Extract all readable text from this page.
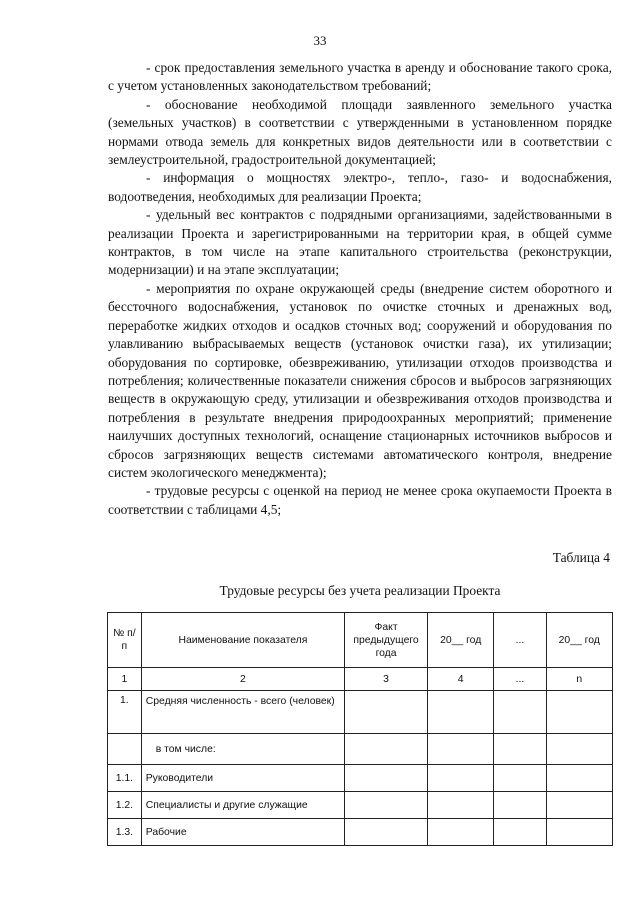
33

- срок предоставления земельного участка в аренду и обоснование такого срока, с учетом установленных законодательством требований;

- обоснование необходимой площади заявленного земельного участка (земельных участков) в соответствии с утвержденными в установленном порядке нормами отвода земель для конкретных видов деятельности или в соответствии с землеустроительной, градостроительной документацией;

- информация о мощностях электро-, тепло-, газо- и водоснабжения, водоотведения, необходимых для реализации Проекта;

- удельный вес контрактов с подрядными организациями, задействованными в реализации Проекта и зарегистрированными на территории края, в общей сумме контрактов, в том числе на этапе капитального строительства (реконструкции, модернизации) и на этапе эксплуатации;

- мероприятия по охране окружающей среды (внедрение систем оборотного и бессточного водоснабжения, установок по очистке сточных и дренажных вод, переработке жидких отходов и осадков сточных вод; сооружений и оборудования по улавливанию выбрасываемых веществ (установок очистки газа), их утилизации; оборудования по сортировке, обезвреживанию, утилизации отходов производства и потребления; количественные показатели снижения сбросов и выбросов загрязняющих веществ в окружающую среду, утилизации и обезвреживания отходов производства и потребления в результате внедрения природоохранных мероприятий; применение наилучших доступных технологий, оснащение стационарных источников выбросов и сбросов загрязняющих веществ системами автоматического контроля, внедрение систем экологического менеджмента);

- трудовые ресурсы с оценкой на период не менее срока окупаемости Проекта в соответствии с таблицами 4,5;

Таблица 4
Трудовые ресурсы без учета реализации Проекта
№ п/п	Наименование показателя	Факт предыдущего года	20__ год	...	20__ год
1	2	3	4	...	n
1.	Средняя численность - всего (человек)				
	в том числе:				
1.1.	Руководители				
1.2.	Специалисты и другие служащие				
1.3.	Рабочие				
